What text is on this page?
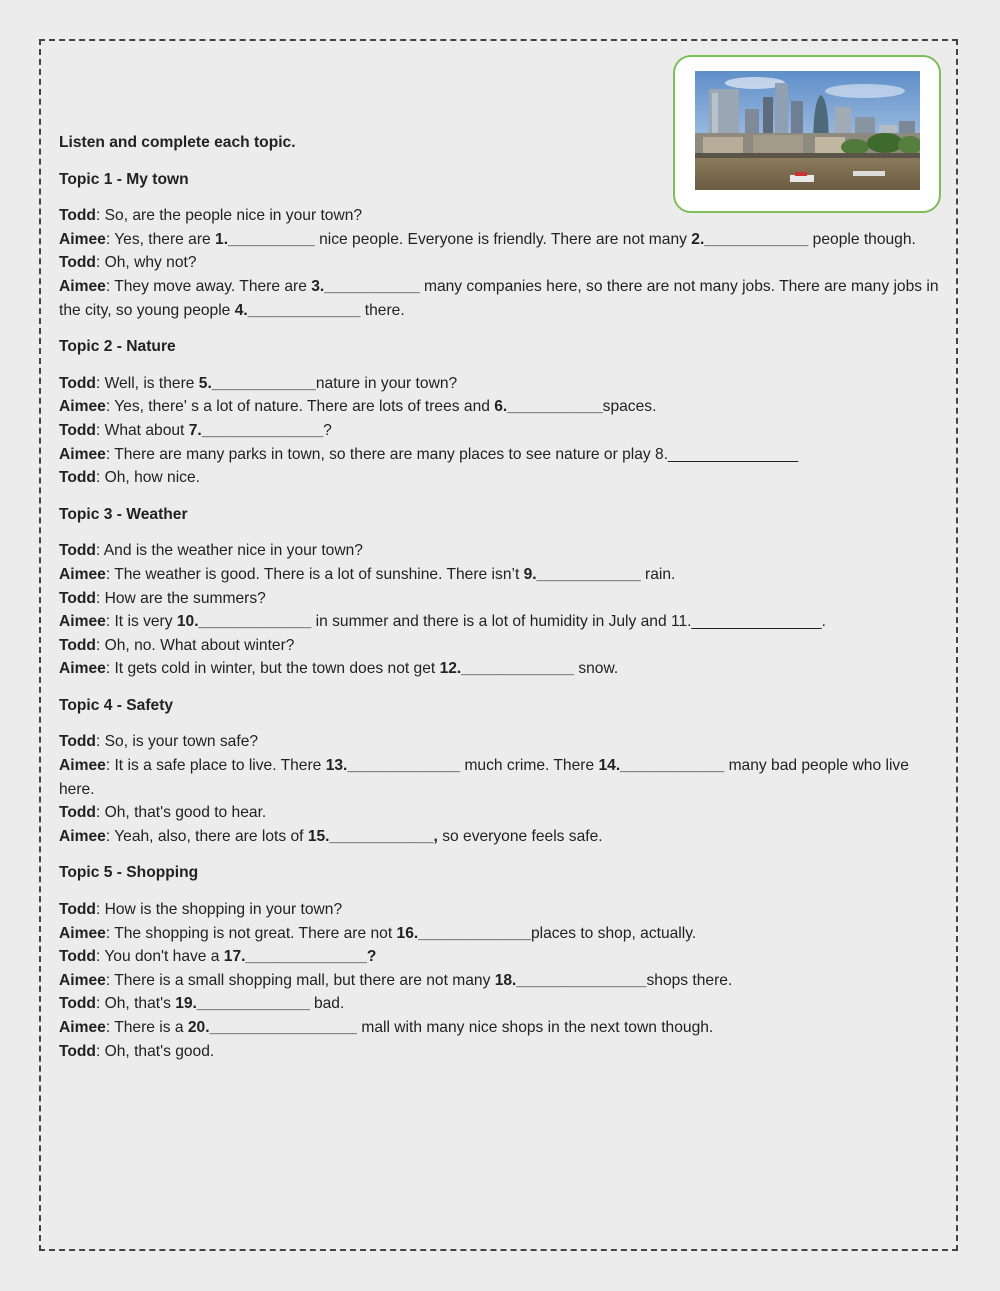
Listen and complete each topic.

Topic 1 - My town

Todd: So, are the people nice in your town?

Aimee: Yes, there are 1.__________ nice people. Everyone is friendly. There are not many 2.____________ people though.

Todd: Oh, why not?

Aimee: They move away. There are 3.___________ many companies here, so there are not many jobs. There are many jobs in the city, so young people 4._____________ there.

Topic 2 - Nature

Todd: Well, is there 5.____________nature in your town?

Aimee: Yes, there' s a lot of nature. There are lots of trees and 6.___________spaces.

Todd: What about 7.______________?

Aimee: There are many parks in town, so there are many places to see nature or play 8._______________

Todd: Oh, how nice.

Topic 3 - Weather

Todd: And is the weather nice in your town?

Aimee: The weather is good. There is a lot of sunshine. There isn’t 9.____________ rain.

Todd: How are the summers?

Aimee: It is very 10._____________ in summer and there is a lot of humidity in July and 11._______________.

Todd: Oh, no. What about winter?

Aimee: It gets cold in winter, but the town does not get 12._____________ snow.

Topic 4 - Safety

Todd: So, is your town safe?

Aimee: It is a safe place to live. There 13._____________ much crime. There 14.____________ many bad people who live here.

Todd: Oh, that's good to hear.

Aimee: Yeah, also, there are lots of 15.____________, so everyone feels safe.

Topic 5 - Shopping

Todd: How is the shopping in your town?

Aimee: The shopping is not great. There are not 16._____________places to shop, actually.

Todd: You don't have a 17.______________?

Aimee: There is a small shopping mall, but there are not many 18._______________shops there.

Todd: Oh, that's 19._____________ bad.

Aimee: There is a 20._________________ mall with many nice shops in the next town though.

Todd: Oh, that's good.
